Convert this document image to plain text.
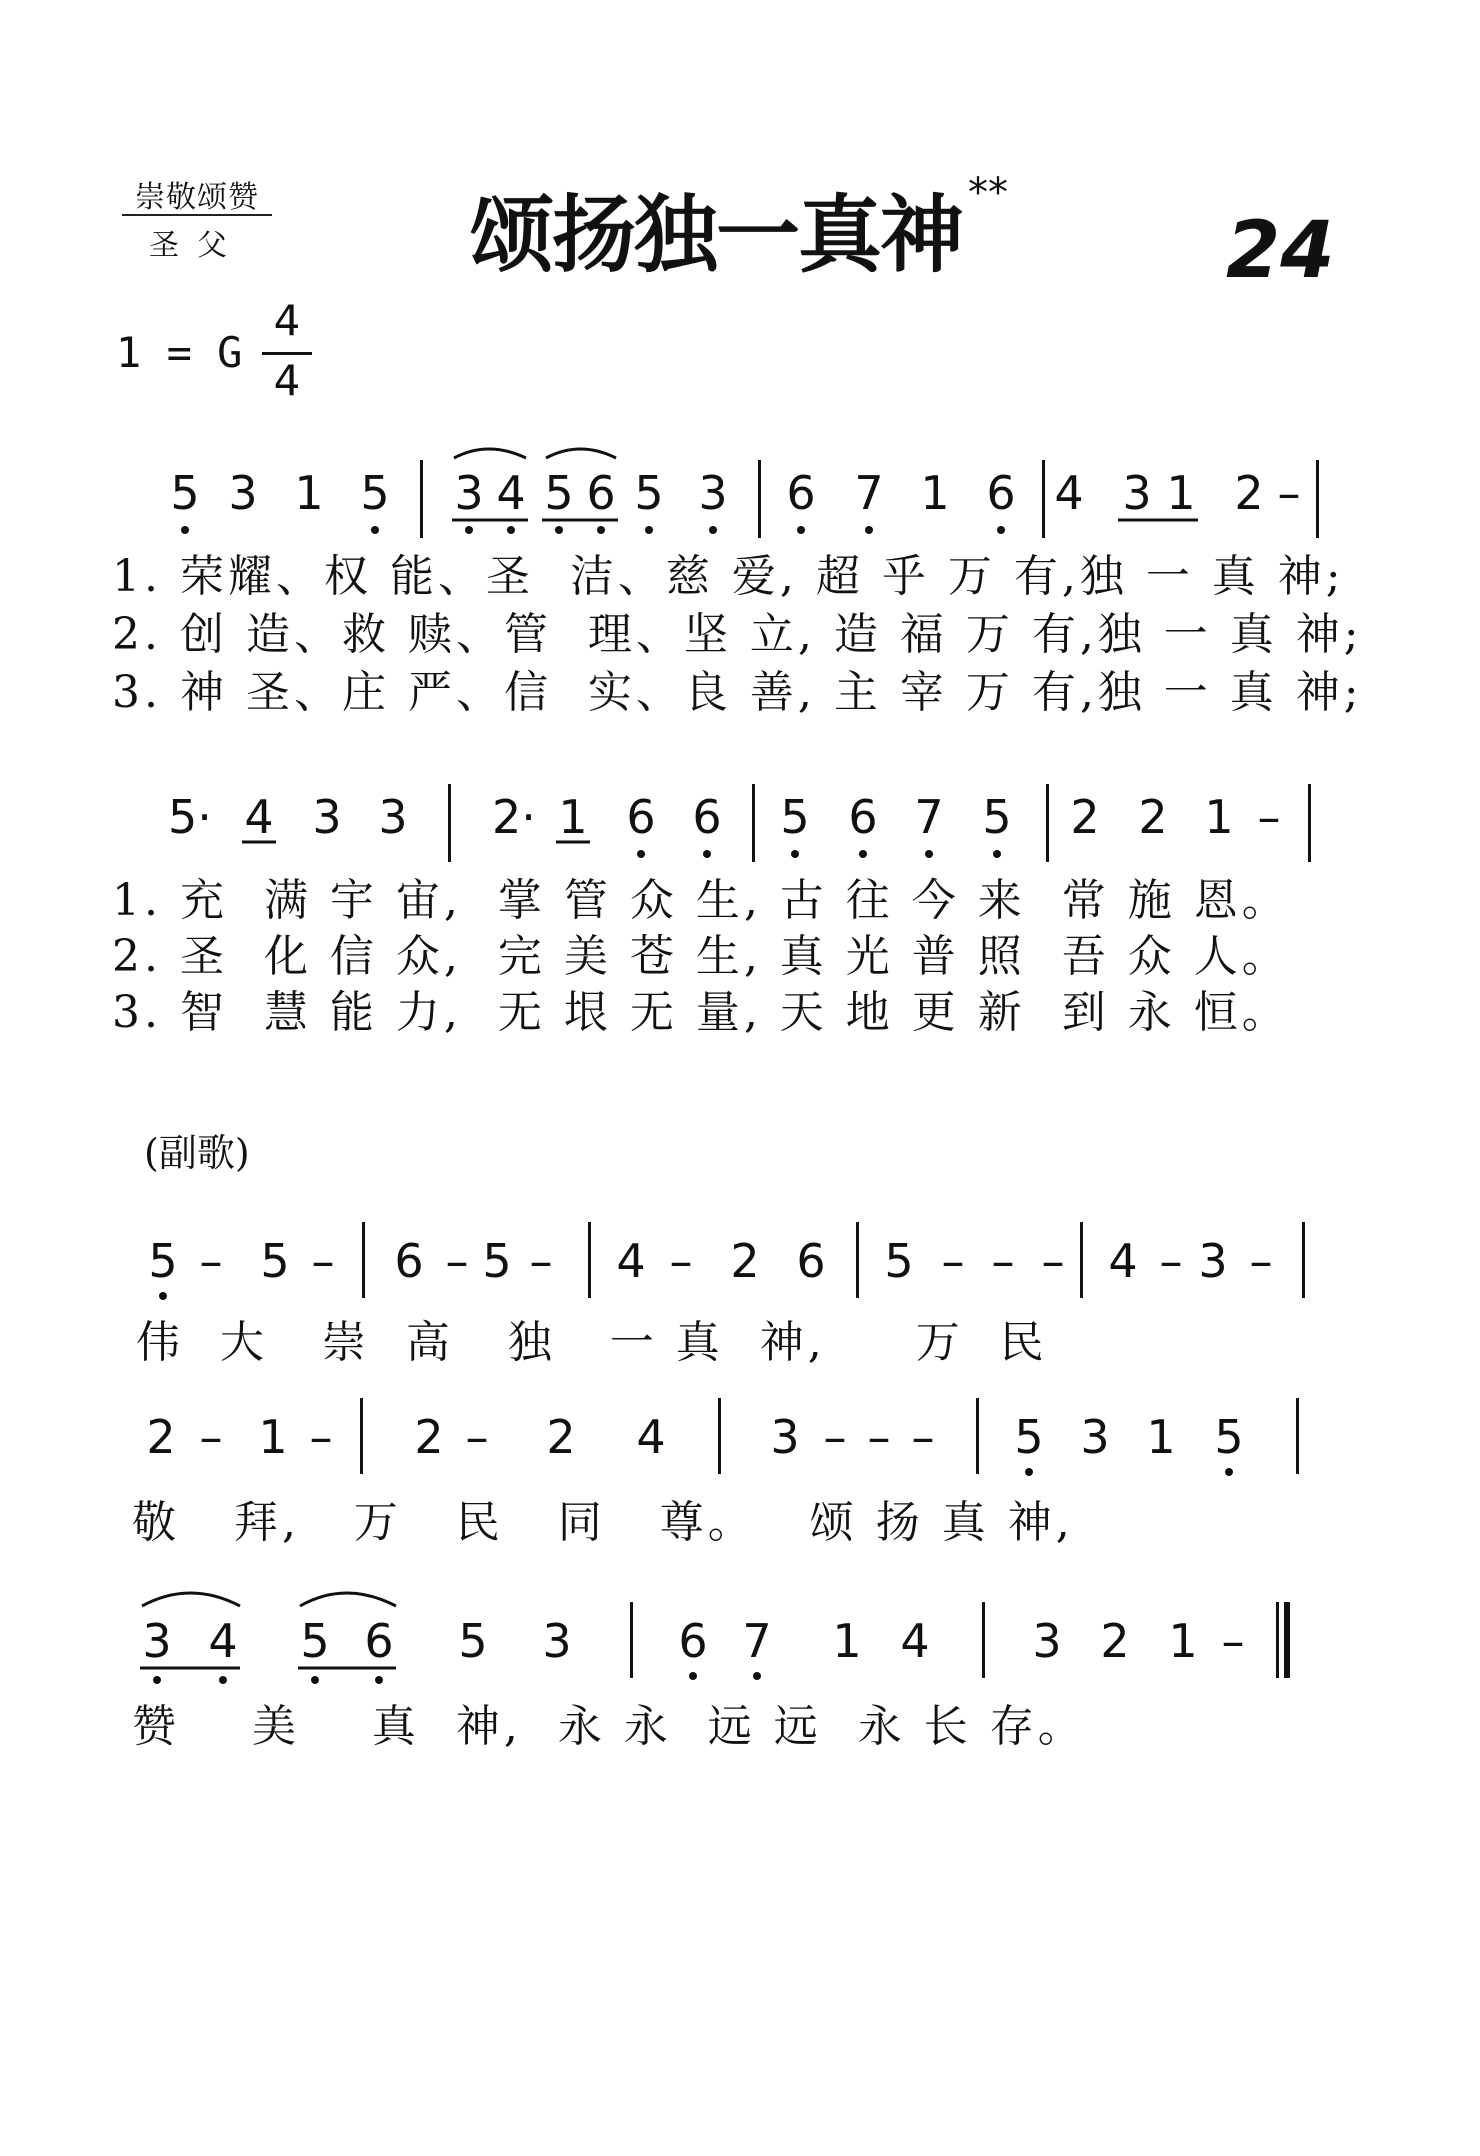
崇敬颂赞
圣父	颂扬独一真神 **
24
1 = G
4
4
5 3 1 5 3 4 5 6 5 3 6 7 1 6 4 3 1 2 –
1. 荣耀、权 能、圣  洁、慈 爱, 超 乎 万 有,独 一 真 神;
2. 创 造、救 赎、管  理、坚 立, 造 福 万 有,独 一 真 神;
3. 神 圣、庄 严、信  实、良 善, 主 宰 万 有,独 一 真 神;
5· 4 3 3 2· 1 6 6 5 6 7 5 2 2 1 –
1. 充  满 宇 宙,  掌 管 众 生, 古 往 今 来  常 施 恩。
2. 圣  化 信 众,  完 美 苍 生, 真 光 普 照  吾 众 人。
3. 智  慧 能 力,  无 垠 无 量, 天 地 更 新  到 永 恒。
(副歌)
5 – 5 – 6 – 5 – 4 – 2 6 5 – – – 4 – 3 –
伟  大   崇  高   独   一 真  神,     万  民
2 – 1 – 2 – 2 4 3 – – – 5 3 1 5
敬   拜,   万   民   同   尊。   颂 扬 真 神,
3 4 5 6 5 3 6 7 1 4 3 2 1 –
赞    美    真  神,  永 永  远 远  永 长 存。
